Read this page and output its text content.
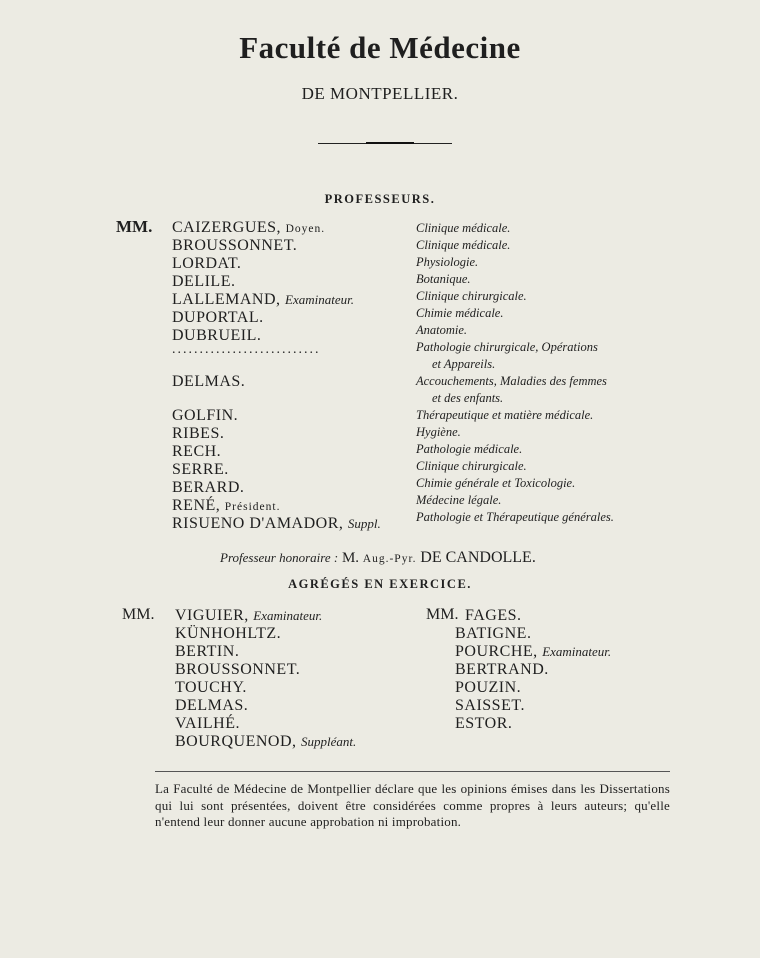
Faculté de Médecine
DE MONTPELLIER.
PROFESSEURS.
MM. CAIZERGUES, Doyen.
BROUSSONNET.
LORDAT.
DELILE.
LALLEMAND, Examinateur.
DUPORTAL.
DUBRUEIL.
...........................
DELMAS.
GOLFIN.
RIBES.
RECH.
SERRE.
BERARD.
RENÉ, Président.
RISUENO D'AMADOR, Suppl.
Clinique médicale.
Clinique médicale.
Physiologie.
Botanique.
Clinique chirurgicale.
Chimie médicale.
Anatomie.
Pathologie chirurgicale, Opérations
et Appareils.
Accouchements, Maladies des femmes
et des enfants.
Thérapeutique et matière médicale.
Hygiène.
Pathologie médicale.
Clinique chirurgicale.
Chimie générale et Toxicologie.
Médecine légale.
Pathologie et Thérapeutique générales.
Professeur honoraire : M. Aug.-Pyr. DE CANDOLLE.
AGRÉGÉS EN EXERCICE.
MM. VIGUIER, Examinateur.
KÜNHOHLTZ.
BERTIN.
BROUSSONNET.
TOUCHY.
DELMAS.
VAILHÉ.
BOURQUENOD, Suppléant.
MM. FAGES.
BATIGNE.
POURCHE, Examinateur.
BERTRAND.
POUZIN.
SAISSET.
ESTOR.
La Faculté de Médecine de Montpellier déclare que les opinions émises dans les Dissertations qui lui sont présentées, doivent être considérées comme propres à leurs auteurs; qu'elle n'entend leur donner aucune approbation ni improbation.
